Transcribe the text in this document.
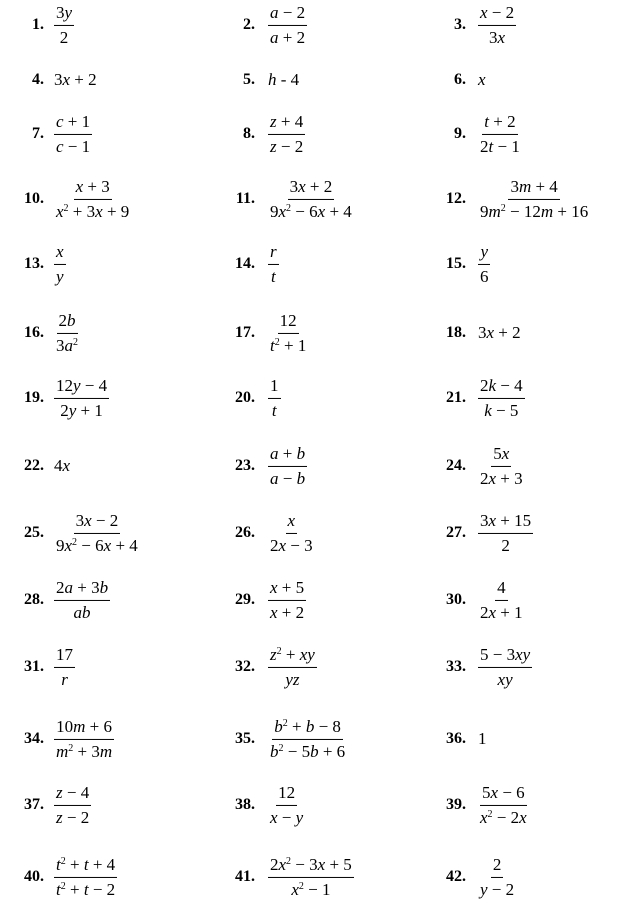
1. $\frac{3y}{2}$	2. $\frac{a - 2}{a + 2}$	3. $\frac{x - 2}{3x}$
4. 3x + 2	5. h - 4	6. x
7. $\frac{c + 1}{c - 1}$	8. $\frac{z + 4}{z - 2}$	9. $\frac{t + 2}{2t - 1}$
10. $\frac{x + 3}{x^2 + 3x + 9}$	11. $\frac{3x + 2}{9x^2 - 6x + 4}$	12. $\frac{3m + 4}{9m^2 - 12m + 16}$
13. $\frac{x}{y}$	14. $\frac{r}{t}$	15. $\frac{y}{6}$
16. $\frac{2b}{3a^2}$	17. $\frac{12}{t^2 + 1}$	18. 3x + 2
19. $\frac{12y - 4}{2y + 1}$	20. $\frac{1}{t}$	21. $\frac{2k - 4}{k - 5}$
22. 4x	23. $\frac{a + b}{a - b}$	24. $\frac{5x}{2x + 3}$
25. $\frac{3x - 2}{9x^2 - 6x + 4}$	26. $\frac{x}{2x - 3}$	27. $\frac{3x + 15}{2}$
28. $\frac{2a + 3b}{ab}$	29. $\frac{x + 5}{x + 2}$	30. $\frac{4}{2x + 1}$
31. $\frac{17}{r}$	32. $\frac{z^2 + xy}{yz}$	33. $\frac{5 - 3xy}{xy}$
34. $\frac{10m + 6}{m^2 + 3m}$	35. $\frac{b^2 + b - 8}{b^2 - 5b + 6}$	36. 1
37. $\frac{z - 4}{z - 2}$	38. $\frac{12}{x - y}$	39. $\frac{5x - 6}{x^2 - 2x}$
40. $\frac{t^2 + t + 4}{t^2 + t - 2}$	41. $\frac{2x^2 - 3x + 5}{x^2 - 1}$	42. $\frac{2}{y - 2}$
